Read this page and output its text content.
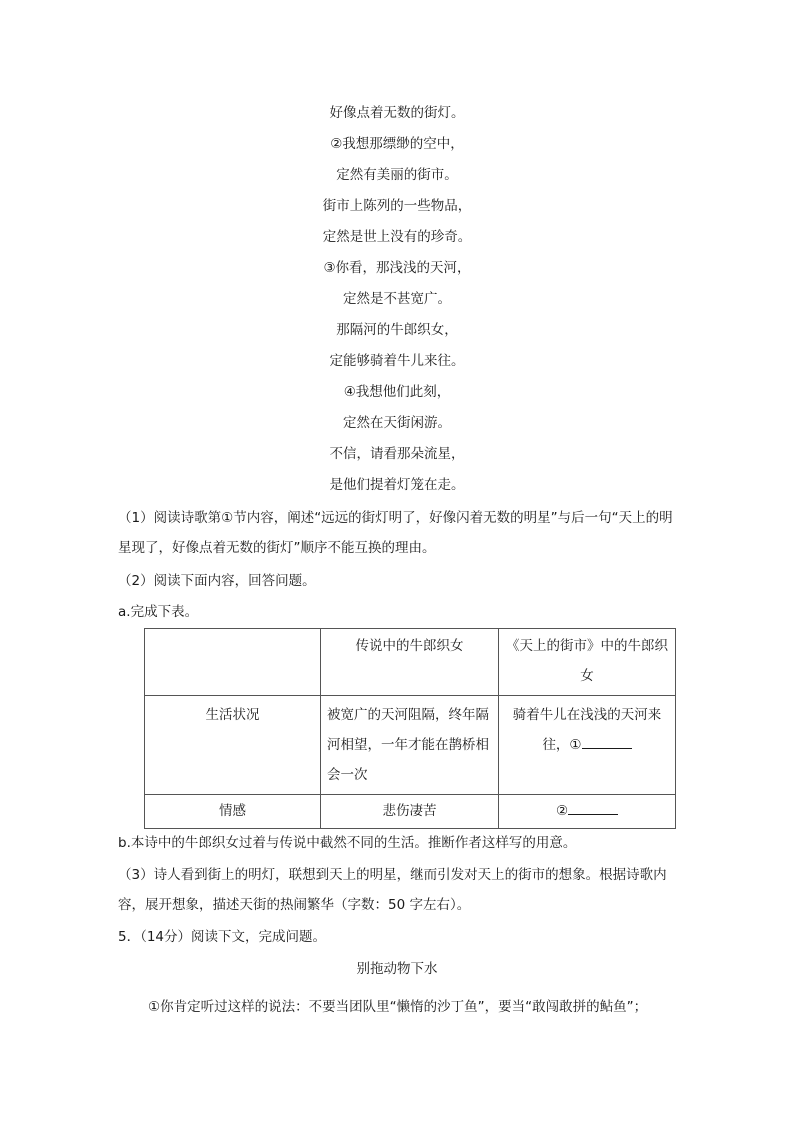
好像点着无数的街灯。
②我想那缥缈的空中，
定然有美丽的街市。
街市上陈列的一些物品，
定然是世上没有的珍奇。
③你看，那浅浅的天河，
定然是不甚宽广。
那隔河的牛郎织女，
定能够骑着牛儿来往。
④我想他们此刻，
定然在天街闲游。
不信，请看那朵流星，
是他们提着灯笼在走。
（1）阅读诗歌第①节内容，阐述“远远的街灯明了，好像闪着无数的明星”与后一句“天上的明星现了，好像点着无数的街灯”顺序不能互换的理由。
（2）阅读下面内容，回答问题。
a.完成下表。
	传说中的牛郎织女	《天上的街市》中的牛郎织女
生活状况	被宽广的天河阻隔，终年隔河相望，一年才能在鹊桥相会一次	骑着牛儿在浅浅的天河来往，①
情感	悲伤凄苦	②
b.本诗中的牛郎织女过着与传说中截然不同的生活。推断作者这样写的用意。
（3）诗人看到街上的明灯，联想到天上的明星，继而引发对天上的街市的想象。根据诗歌内容，展开想象，描述天街的热闹繁华（字数：50 字左右）。
5．（14分）阅读下文，完成问题。
别拖动物下水
①你肯定听过这样的说法：不要当团队里“懒惰的沙丁鱼”，要当“敢闯敢拼的鲇鱼”；
